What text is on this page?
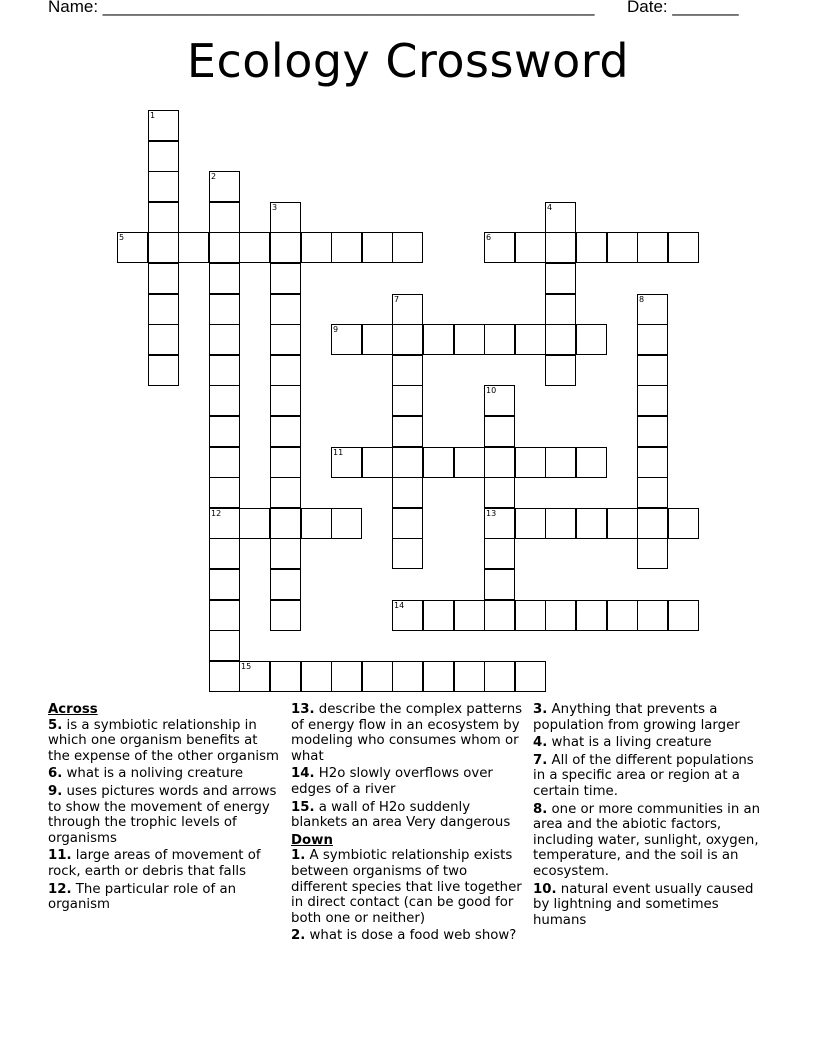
Name: ____________________________________________________ Date: _______
Ecology Crossword
1
2
12
3	4
5	6
7	8
9
10
13
11
14
15
Across
5. is a symbiotic relationship in which one organism benefits at the expense of the other organism
6. what is a noliving creature
9. uses pictures words and arrows to show the movement of energy through the trophic levels of organisms
11. large areas of movement of rock, earth or debris that falls
12. The particular role of an organism
13. describe the complex patterns of energy flow in an ecosystem by modeling who consumes whom or what
14. H2o slowly overflows over edges of a river
15. a wall of H2o suddenly blankets an area Very dangerous
Down
1. A symbiotic relationship exists between organisms of two different species that live together in direct contact (can be good for both one or neither)
2. what is dose a food web show?
3. Anything that prevents a population from growing larger
4. what is a living creature
7. All of the different populations in a specific area or region at a certain time.
8. one or more communities in an area and the abiotic factors, including water, sunlight, oxygen, temperature, and the soil is an ecosystem.
10. natural event usually caused by lightning and sometimes humans
